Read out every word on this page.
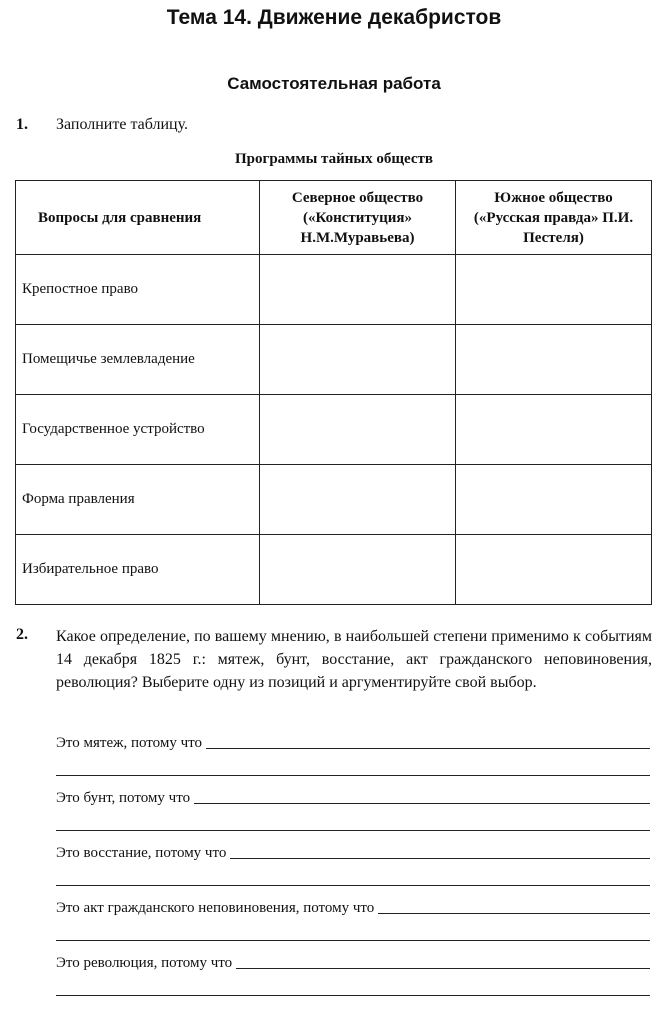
Тема 14. Движение декабристов
Самостоятельная работа
1. Заполните таблицу.
Программы тайных обществ
Вопросы для сравнения	Северное общество («Конституция» Н.М.Муравьева)	Южное общество («Русская правда» П.И. Пестеля)
Крепостное право		
Помещичье землевладение		
Государственное устройство		
Форма правления		
Избирательное право		
2. Какое определение, по вашему мнению, в наибольшей степени применимо к событиям 14 декабря 1825 г.: мятеж, бунт, восстание, акт гражданского неповиновения, революция? Выберите одну из позиций и аргументируйте свой выбор.
Это мятеж, потому что
Это бунт, потому что
Это восстание, потому что
Это акт гражданского неповиновения, потому что
Это революция, потому что
